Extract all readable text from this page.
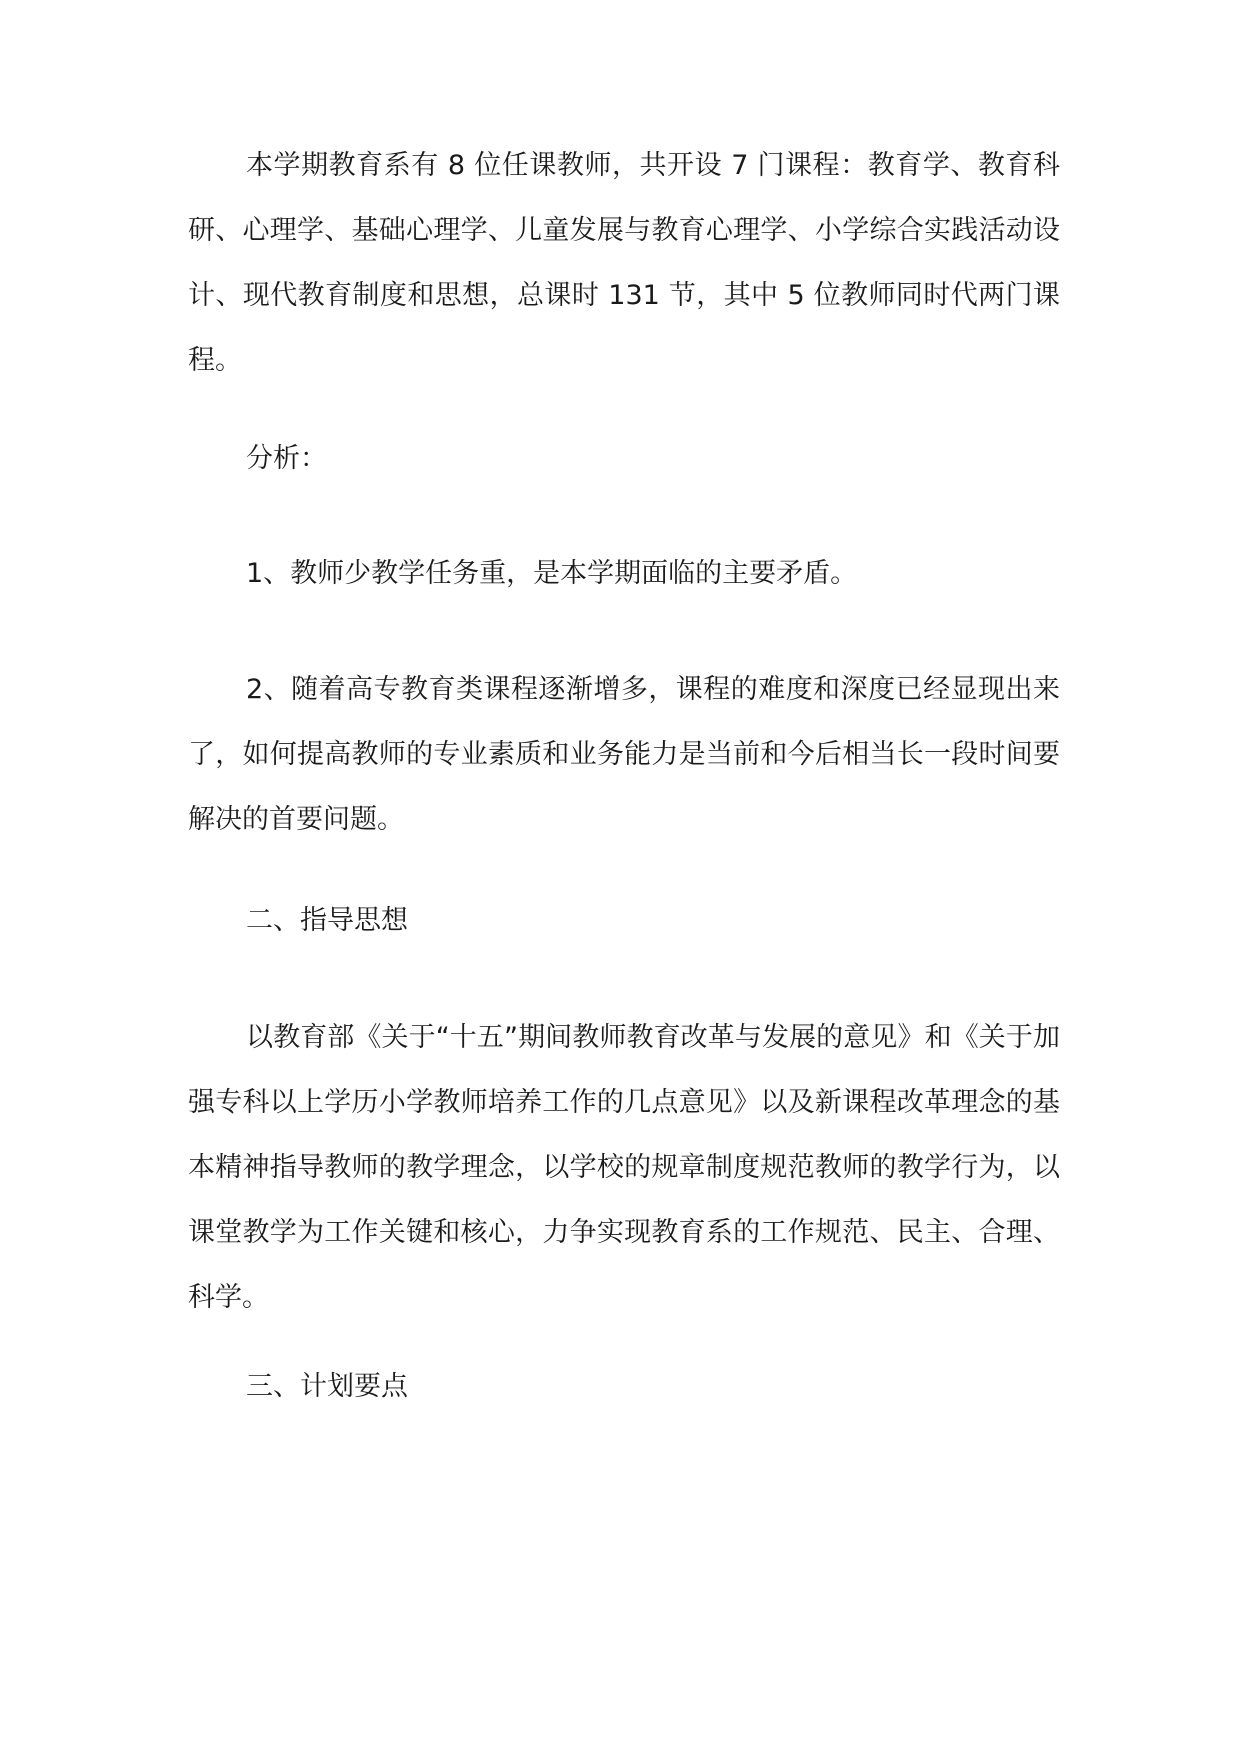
本学期教育系有 8 位任课教师，共开设 7 门课程：教育学、教育科研、心理学、基础心理学、儿童发展与教育心理学、小学综合实践活动设计、现代教育制度和思想，总课时 131 节，其中 5 位教师同时代两门课程。

分析：

1、教师少教学任务重，是本学期面临的主要矛盾。

2、随着高专教育类课程逐渐增多，课程的难度和深度已经显现出来了，如何提高教师的专业素质和业务能力是当前和今后相当长一段时间要解决的首要问题。

二、指导思想

以教育部《关于“十五”期间教师教育改革与发展的意见》和《关于加强专科以上学历小学教师培养工作的几点意见》以及新课程改革理念的基本精神指导教师的教学理念，以学校的规章制度规范教师的教学行为，以课堂教学为工作关键和核心，力争实现教育系的工作规范、民主、合理、科学。

三、计划要点
